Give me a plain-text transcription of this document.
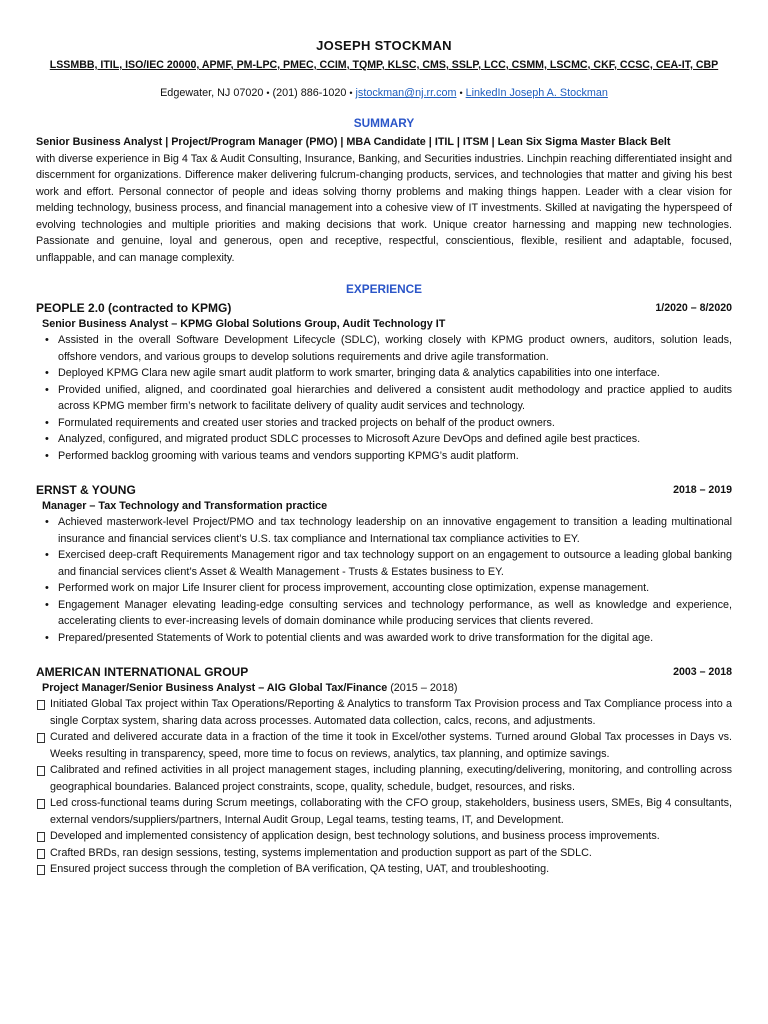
JOSEPH STOCKMAN
LSSMBB, ITIL, ISO/IEC 20000, APMF, PM-LPC, PMEC, CCIM, TQMP, KLSC, CMS, SSLP, LCC, CSMM, LSCMC, CKF, CCSC, CEA-IT, CBP
Edgewater, NJ 07020 • (201) 886-1020 • jstockman@nj.rr.com • LinkedIn Joseph A. Stockman
SUMMARY
Senior Business Analyst | Project/Program Manager (PMO) | MBA Candidate | ITIL | ITSM | Lean Six Sigma Master Black Belt
with diverse experience in Big 4 Tax & Audit Consulting, Insurance, Banking, and Securities industries. Linchpin reaching differentiated insight and discernment for organizations. Difference maker delivering fulcrum-changing products, services, and technologies that matter and giving his best work and effort. Personal connector of people and ideas solving thorny problems and making things happen. Leader with a clear vision for melding technology, business process, and financial management into a cohesive view of IT investments. Skilled at navigating the hyperspeed of evolving technologies and multiple priorities and making decisions that work. Unique creator harnessing and mapping new technologies. Passionate and genuine, loyal and generous, open and receptive, respectful, conscientious, flexible, resilient and adaptable, focused, unflappable, and can manage complexity.
EXPERIENCE
PEOPLE 2.0 (contracted to KPMG)	1/2020 – 8/2020
Senior Business Analyst – KPMG Global Solutions Group, Audit Technology IT
• Assisted in the overall Software Development Lifecycle (SDLC), working closely with KPMG product owners, auditors, solution leads, offshore vendors, and various groups to develop solutions requirements and drive agile transformation.
• Deployed KPMG Clara new agile smart audit platform to work smarter, bringing data & analytics capabilities into one interface.
• Provided unified, aligned, and coordinated goal hierarchies and delivered a consistent audit methodology and practice applied to audits across KPMG member firm’s network to facilitate delivery of quality audit services and technology.
• Formulated requirements and created user stories and tracked projects on behalf of the product owners.
• Analyzed, configured, and migrated product SDLC processes to Microsoft Azure DevOps and defined agile best practices.
• Performed backlog grooming with various teams and vendors supporting KPMG’s audit platform.
ERNST & YOUNG	2018 – 2019
Manager – Tax Technology and Transformation practice
• Achieved masterwork-level Project/PMO and tax technology leadership on an innovative engagement to transition a leading multinational insurance and financial services client’s U.S. tax compliance and International tax compliance activities to EY.
• Exercised deep-craft Requirements Management rigor and tax technology support on an engagement to outsource a leading global banking and financial services client’s Asset & Wealth Management - Trusts & Estates business to EY.
• Performed work on major Life Insurer client for process improvement, accounting close optimization, expense management.
• Engagement Manager elevating leading-edge consulting services and technology performance, as well as knowledge and experience, accelerating clients to ever-increasing levels of domain dominance while producing services that clients revered.
• Prepared/presented Statements of Work to potential clients and was awarded work to drive transformation for the digital age.
AMERICAN INTERNATIONAL GROUP	2003 – 2018
Project Manager/Senior Business Analyst – AIG Global Tax/Finance (2015 – 2018)
Initiated Global Tax project within Tax Operations/Reporting & Analytics to transform Tax Provision process and Tax Compliance process into a single Corptax system, sharing data across processes. Automated data collection, calcs, recons, and adjustments.
Curated and delivered accurate data in a fraction of the time it took in Excel/other systems. Turned around Global Tax processes in Days vs. Weeks resulting in transparency, speed, more time to focus on reviews, analytics, tax planning, and optimize savings.
Calibrated and refined activities in all project management stages, including planning, executing/delivering, monitoring, and controlling across geographical boundaries. Balanced project constraints, scope, quality, schedule, budget, resources, and risks.
Led cross-functional teams during Scrum meetings, collaborating with the CFO group, stakeholders, business users, SMEs, Big 4 consultants, external vendors/suppliers/partners, Internal Audit Group, Legal teams, testing teams, IT, and Development.
Developed and implemented consistency of application design, best technology solutions, and business process improvements.
Crafted BRDs, ran design sessions, testing, systems implementation and production support as part of the SDLC.
Ensured project success through the completion of BA verification, QA testing, UAT, and troubleshooting.
